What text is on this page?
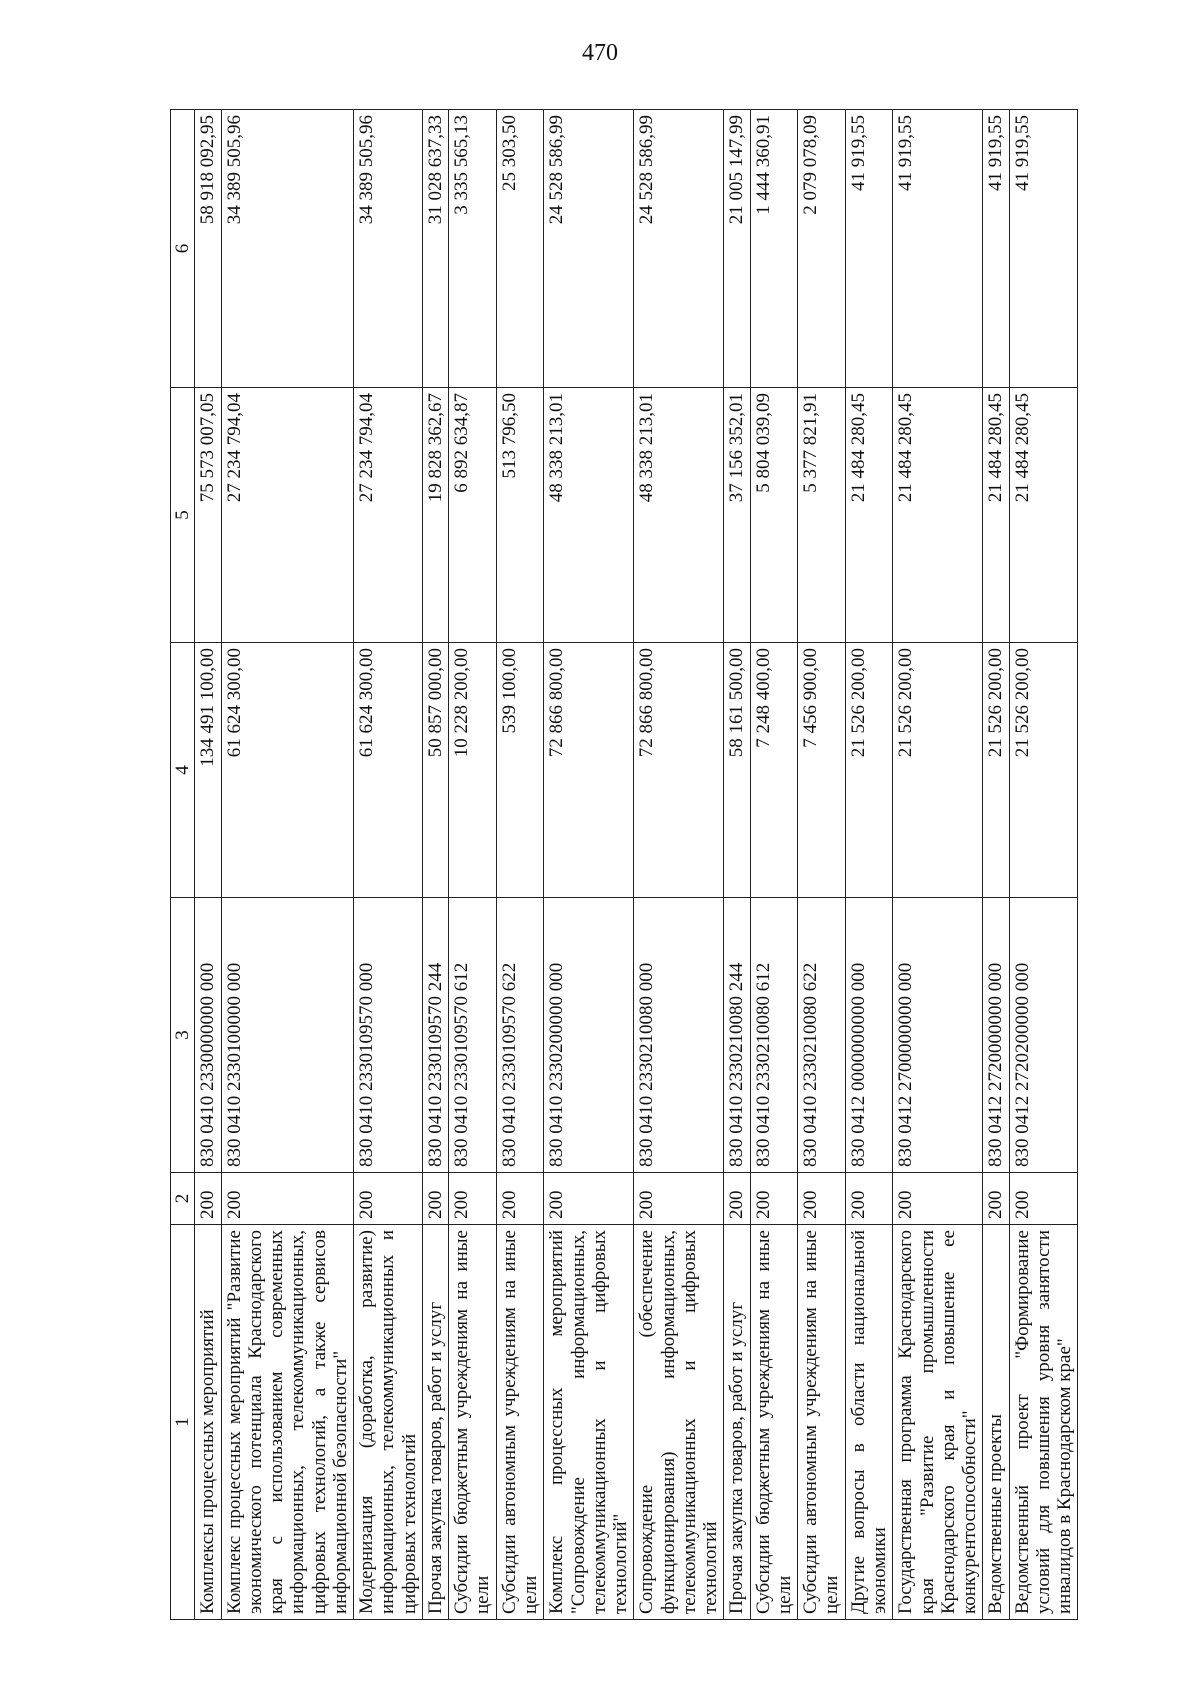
470
1	2	3	4	5	6
Комплексы процессных мероприятий	200	830 0410 2330000000 000	134 491 100,00	75 573 007,05	58 918 092,95
Комплекс процессных мероприятий "Развитие экономического потенциала Краснодарского края с использованием современных информационных, телекоммуникационных, цифровых технологий, а также сервисов информационной безопасности"	200	830 0410 2330100000 000	61 624 300,00	27 234 794,04	34 389 505,96
Модернизация (доработка, развитие) информационных, телекоммуникационных и цифровых технологий	200	830 0410 2330109570 000	61 624 300,00	27 234 794,04	34 389 505,96
Прочая закупка товаров, работ и услуг	200	830 0410 2330109570 244	50 857 000,00	19 828 362,67	31 028 637,33
Субсидии бюджетным учреждениям на иные цели	200	830 0410 2330109570 612	10 228 200,00	6 892 634,87	3 335 565,13
Субсидии автономным учреждениям на иные цели	200	830 0410 2330109570 622	539 100,00	513 796,50	25 303,50
Комплекс процессных мероприятий "Сопровождение информационных, телекоммуникационных и цифровых технологий"	200	830 0410 2330200000 000	72 866 800,00	48 338 213,01	24 528 586,99
Сопровождение (обеспечение функционирования) информационных, телекоммуникационных и цифровых технологий	200	830 0410 2330210080 000	72 866 800,00	48 338 213,01	24 528 586,99
Прочая закупка товаров, работ и услуг	200	830 0410 2330210080 244	58 161 500,00	37 156 352,01	21 005 147,99
Субсидии бюджетным учреждениям на иные цели	200	830 0410 2330210080 612	7 248 400,00	5 804 039,09	1 444 360,91
Субсидии автономным учреждениям на иные цели	200	830 0410 2330210080 622	7 456 900,00	5 377 821,91	2 079 078,09
Другие вопросы в области национальной экономики	200	830 0412 0000000000 000	21 526 200,00	21 484 280,45	41 919,55
Государственная программа Краснодарского края "Развитие промышленности Краснодарского края и повышение ее конкурентоспособности"	200	830 0412 2700000000 000	21 526 200,00	21 484 280,45	41 919,55
Ведомственные проекты	200	830 0412 2720000000 000	21 526 200,00	21 484 280,45	41 919,55
Ведомственный проект "Формирование условий для повышения уровня занятости инвалидов в Краснодарском крае"	200	830 0412 2720200000 000	21 526 200,00	21 484 280,45	41 919,55
